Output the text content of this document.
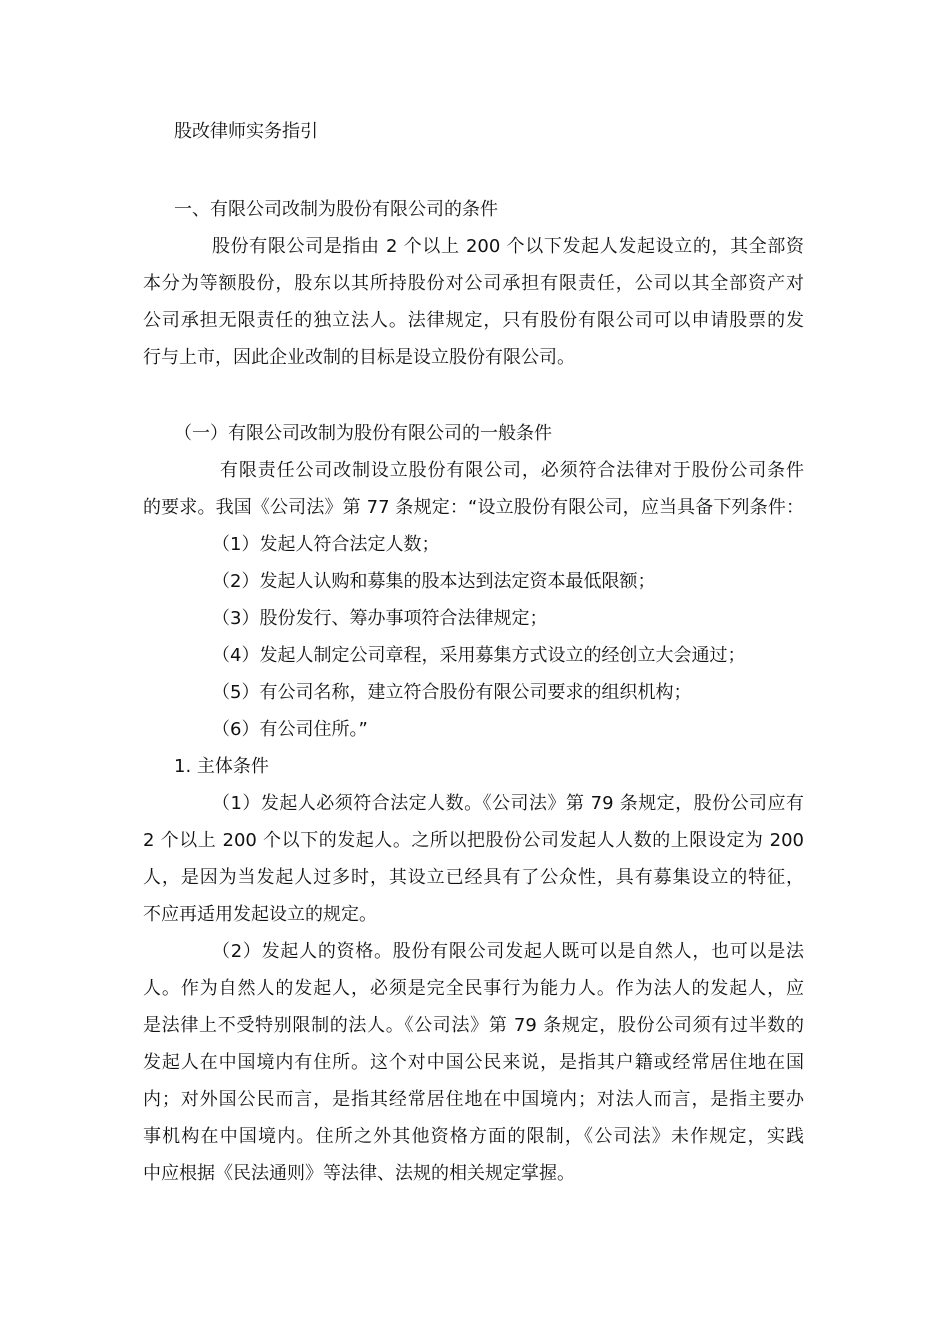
股改律师实务指引
一、有限公司改制为股份有限公司的条件
股份有限公司是指由 2 个以上 200 个以下发起人发起设立的，其全部资
本分为等额股份，股东以其所持股份对公司承担有限责任，公司以其全部资产对
公司承担无限责任的独立法人。法律规定，只有股份有限公司可以申请股票的发
行与上市，因此企业改制的目标是设立股份有限公司。
（一）有限公司改制为股份有限公司的一般条件
有限责任公司改制设立股份有限公司，必须符合法律对于股份公司条件
的要求。我国《公司法》第 77 条规定：“设立股份有限公司，应当具备下列条件：
（1）发起人符合法定人数；
（2）发起人认购和募集的股本达到法定资本最低限额；
（3）股份发行、筹办事项符合法律规定；
（4）发起人制定公司章程，采用募集方式设立的经创立大会通过；
（5）有公司名称，建立符合股份有限公司要求的组织机构；
（6）有公司住所。”
1. 主体条件
（1）发起人必须符合法定人数。《公司法》第 79 条规定，股份公司应有
2 个以上 200 个以下的发起人。之所以把股份公司发起人人数的上限设定为 200
人，是因为当发起人过多时，其设立已经具有了公众性，具有募集设立的特征，
不应再适用发起设立的规定。
（2）发起人的资格。股份有限公司发起人既可以是自然人，也可以是法
人。作为自然人的发起人，必须是完全民事行为能力人。作为法人的发起人，应
是法律上不受特别限制的法人。《公司法》第 79 条规定，股份公司须有过半数的
发起人在中国境内有住所。这个对中国公民来说，是指其户籍或经常居住地在国
内；对外国公民而言，是指其经常居住地在中国境内；对法人而言，是指主要办
事机构在中国境内。住所之外其他资格方面的限制，《公司法》未作规定，实践
中应根据《民法通则》等法律、法规的相关规定掌握。
